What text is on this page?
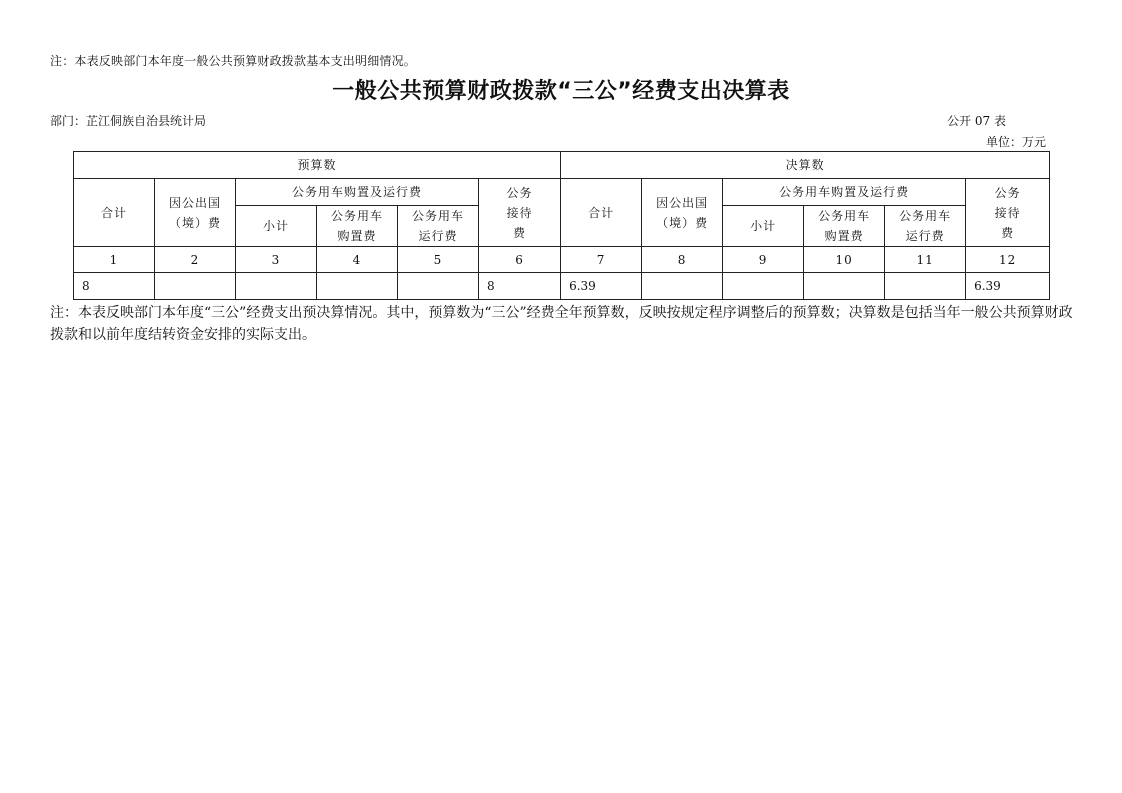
注：本表反映部门本年度一般公共预算财政拨款基本支出明细情况。
一般公共预算财政拨款“三公”经费支出决算表
部门：芷江侗族自治县统计局	公开 07 表
单位：万元
预算数						决算数					
合计	因公出国（境）费	公务用车购置及运行费			公务接待费	合计	因公出国（境）费	公务用车购置及运行费			公务接待费
		小计	公务用车购置费	公务用车运行费				小计	公务用车购置费	公务用车运行费	
1	2	3	4	5	6	7	8	9	10	11	12
8					8	6.39					6.39
注：本表反映部门本年度“三公”经费支出预决算情况。其中，预算数为“三公”经费全年预算数，反映按规定程序调整后的预算数；决算数是包括当年一般公共预算财政拨款和以前年度结转资金安排的实际支出。
